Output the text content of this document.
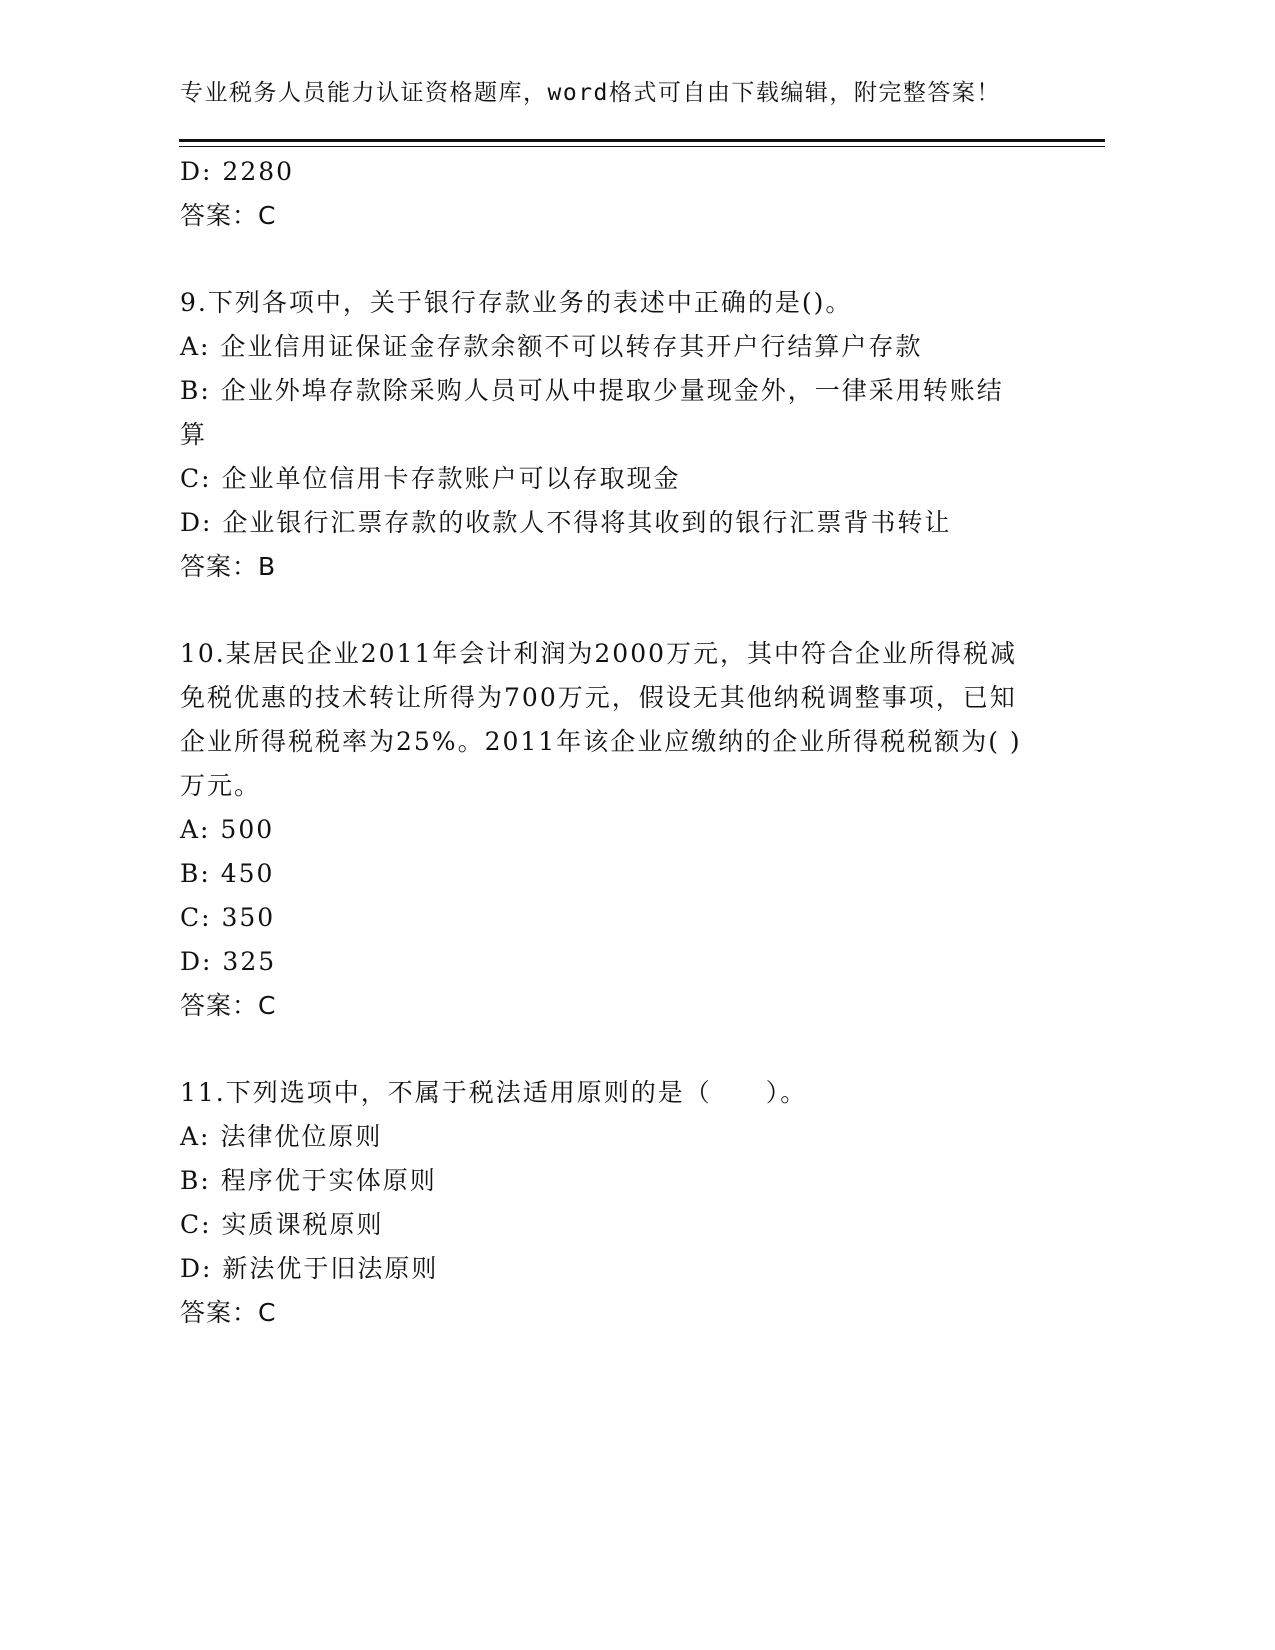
专业税务人员能力认证资格题库，word格式可自由下载编辑，附完整答案！
D: 2280
答案：C
9.下列各项中，关于银行存款业务的表述中正确的是()。
A: 企业信用证保证金存款余额不可以转存其开户行结算户存款
B: 企业外埠存款除采购人员可从中提取少量现金外，一律采用转账结算
C: 企业单位信用卡存款账户可以存取现金
D: 企业银行汇票存款的收款人不得将其收到的银行汇票背书转让
答案：B
10.某居民企业2011年会计利润为2000万元，其中符合企业所得税减免税优惠的技术转让所得为700万元，假设无其他纳税调整事项，已知企业所得税税率为25%。2011年该企业应缴纳的企业所得税税额为( )万元。
A: 500
B: 450
C: 350
D: 325
答案：C
11.下列选项中，不属于税法适用原则的是（　　）。
A: 法律优位原则
B: 程序优于实体原则
C: 实质课税原则
D: 新法优于旧法原则
答案：C
